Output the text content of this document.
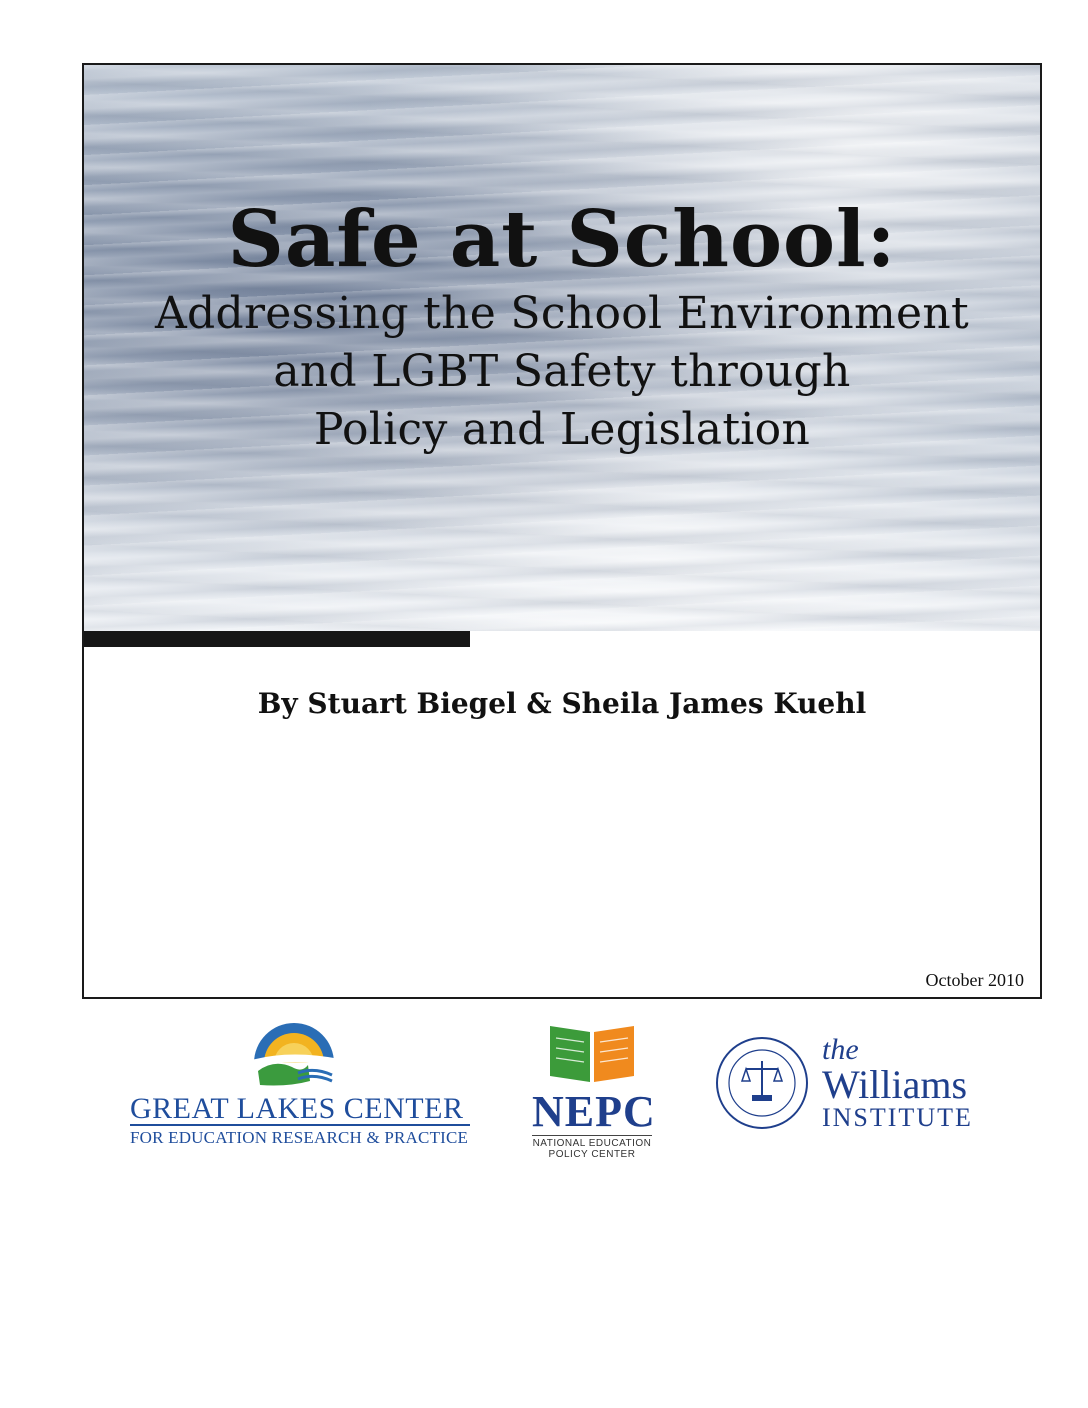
Safe at School:

Addressing the School Environment

and LGBT Safety through

Policy and Legislation

By Stuart Biegel & Sheila James Kuehl
GREAT LAKES CENTER
FOR EDUCATION RESEARCH & PRACTICE
NEPC
NATIONAL EDUCATION
POLICY CENTER
the
Williams
INSTITUTE
October 2010
